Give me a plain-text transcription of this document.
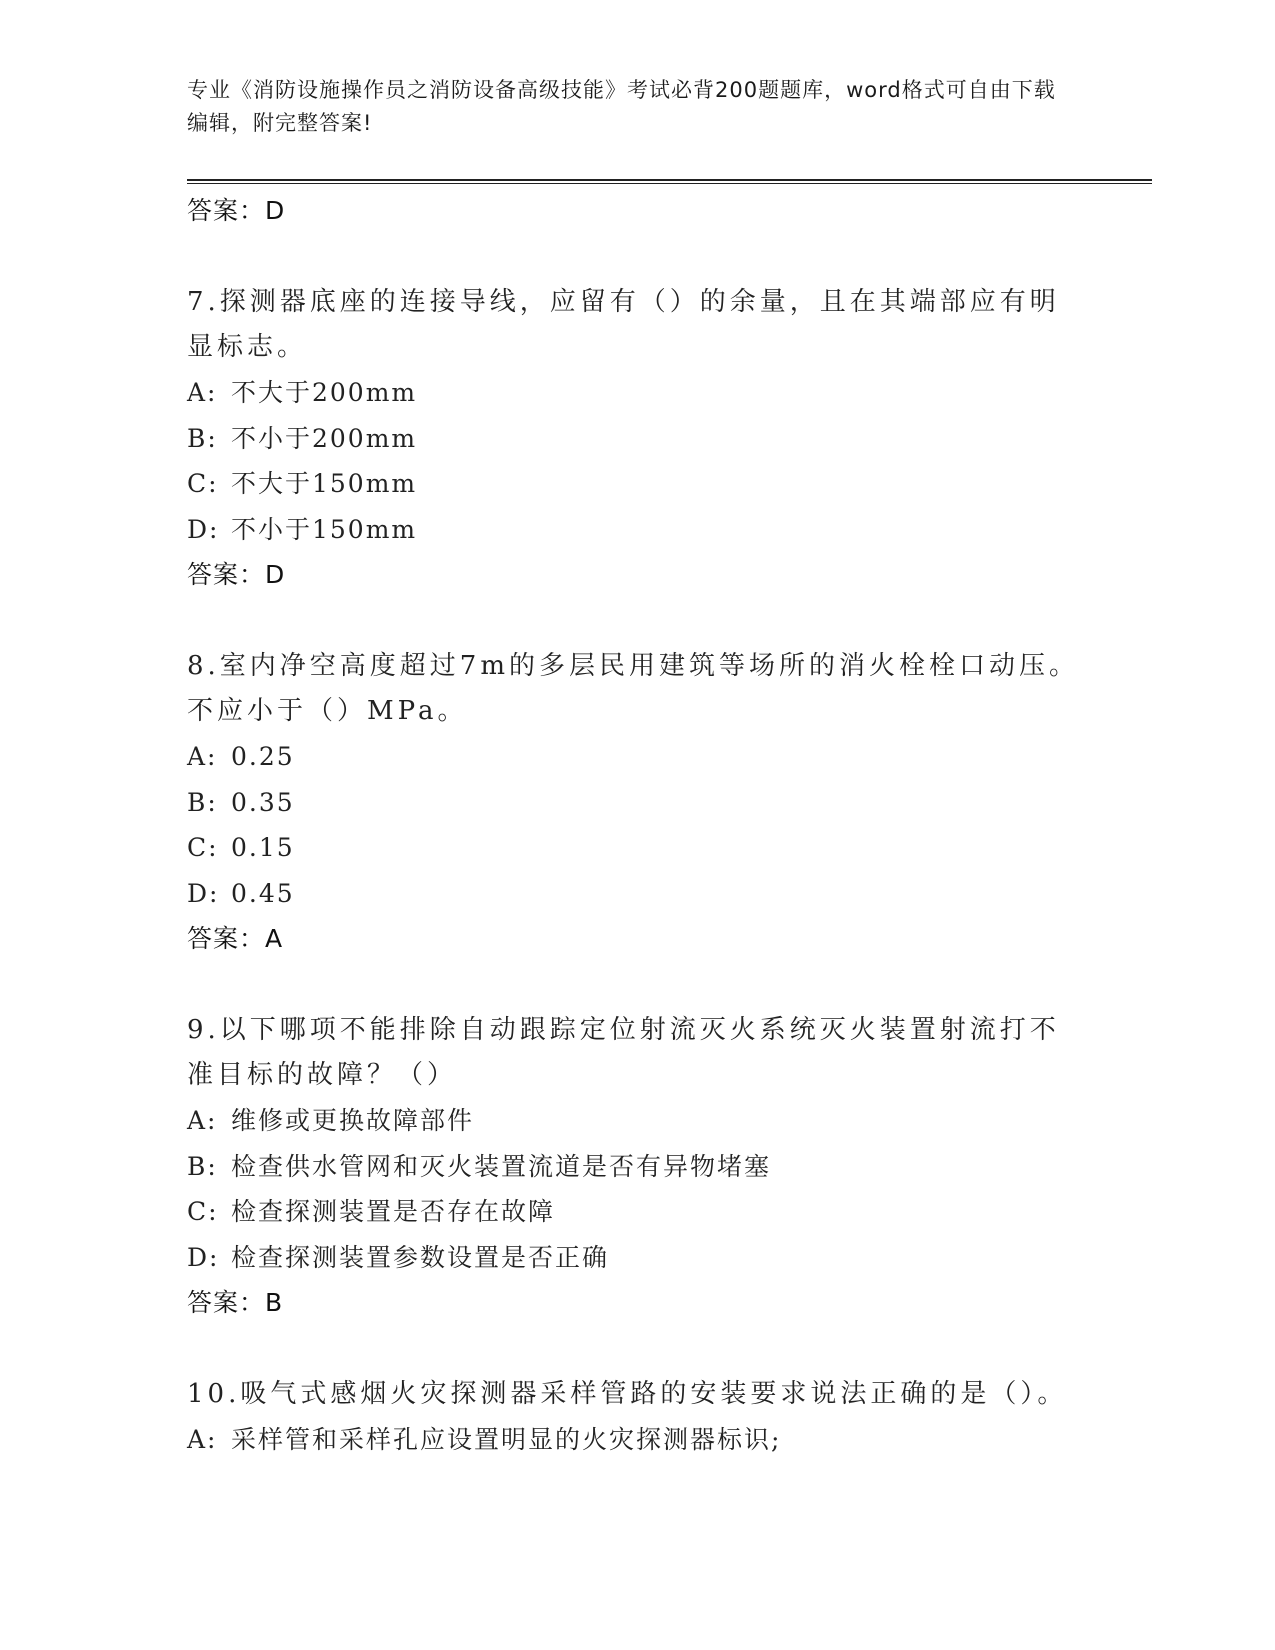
专业《消防设施操作员之消防设备高级技能》考试必背200题题库，word格式可自由下载编辑，附完整答案!
答案：D
7.探测器底座的连接导线，应留有（）的余量，且在其端部应有明显标志。
A: 不大于200mm
B: 不小于200mm
C: 不大于150mm
D: 不小于150mm
答案：D
8.室内净空高度超过7m的多层民用建筑等场所的消火栓栓口动压。不应小于（）MPa。
A: 0.25
B: 0.35
C: 0.15
D: 0.45
答案：A
9.以下哪项不能排除自动跟踪定位射流灭火系统灭火装置射流打不准目标的故障？（）
A: 维修或更换故障部件
B: 检查供水管网和灭火装置流道是否有异物堵塞
C: 检查探测装置是否存在故障
D: 检查探测装置参数设置是否正确
答案：B
10.吸气式感烟火灾探测器采样管路的安装要求说法正确的是（）。
A: 采样管和采样孔应设置明显的火灾探测器标识;
